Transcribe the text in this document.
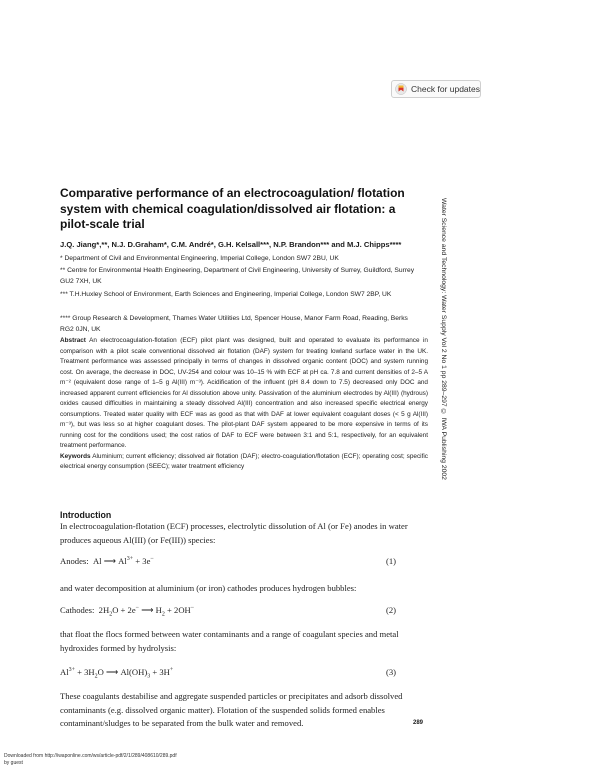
Check for updates
Comparative performance of an electrocoagulation/ flotation system with chemical coagulation/dissolved air flotation: a pilot-scale trial
J.Q. Jiang*,**, N.J. D.Graham*, C.M. André*, G.H. Kelsall***, N.P. Brandon*** and M.J. Chipps****
* Department of Civil and Environmental Engineering, Imperial College, London SW7 2BU, UK
** Centre for Environmental Health Engineering, Department of Civil Engineering, University of Surrey, Guildford, Surrey GU2 7XH, UK
*** T.H.Huxley School of Environment, Earth Sciences and Engineering, Imperial College, London SW7 2BP, UK
**** Group Research & Development, Thames Water Utilities Ltd, Spencer House, Manor Farm Road, Reading, Berks RG2 0JN, UK
Abstract An electrocoagulation-flotation (ECF) pilot plant was designed, built and operated to evaluate its performance in comparison with a pilot scale conventional dissolved air flotation (DAF) system for treating lowland surface water in the UK. Treatment performance was assessed principally in terms of changes in dissolved organic content (DOC) and system running cost. On average, the decrease in DOC, UV-254 and colour was 10–15 % with ECF at pH ca. 7.8 and current densities of 2–5 A m⁻² (equivalent dose range of 1–5 g Al(III) m⁻³). Acidification of the influent (pH 8.4 down to 7.5) decreased only DOC and increased apparent current efficiencies for Al dissolution above unity. Passivation of the aluminium electrodes by Al(III) (hydrous) oxides caused difficulties in maintaining a steady dissolved Al(III) concentration and also increased specific electrical energy consumptions. Treated water quality with ECF was as good as that with DAF at lower equivalent coagulant doses (< 5 g Al(III) m⁻³), but was less so at higher coagulant doses. The pilot-plant DAF system appeared to be more expensive in terms of its running cost for the conditions used; the cost ratios of DAF to ECF were between 3:1 and 5:1, respectively, for an equivalent treatment performance.
Keywords Aluminium; current efficiency; dissolved air flotation (DAF); electro-coagulation/flotation (ECF); operating cost; specific electrical energy consumption (SEEC); water treatment efficiency	Water Science and Technology: Water Supply Vol 2 No 1 pp 289–297 © IWA Publishing 2002
Introduction
In electrocoagulation-flotation (ECF) processes, electrolytic dissolution of Al (or Fe) anodes in water produces aqueous Al(III) (or Fe(III)) species:
Anodes:  Al ⟶ $Al^{3+} + 3e^-$	(1)
and water decomposition at aluminium (or iron) cathodes produces hydrogen bubbles:
Cathodes:  $2H_2O + 2e^-$ ⟶ $H_2 + 2OH^-$	(2)
that float the flocs formed between water contaminants and a range of coagulant species and metal hydroxides formed by hydrolysis:
$Al^{3+} + 3H_2O$ ⟶ $Al(OH)_3 + 3H^+$	(3)
These coagulants destabilise and aggregate suspended particles or precipitates and adsorb dissolved contaminants (e.g. dissolved organic matter). Flotation of the suspended solids formed enables contaminant/sludges to be separated from the bulk water and removed.	289
Downloaded from http://iwaponline.com/ws/article-pdf/2/1/289/408610/289.pdf
by guest
